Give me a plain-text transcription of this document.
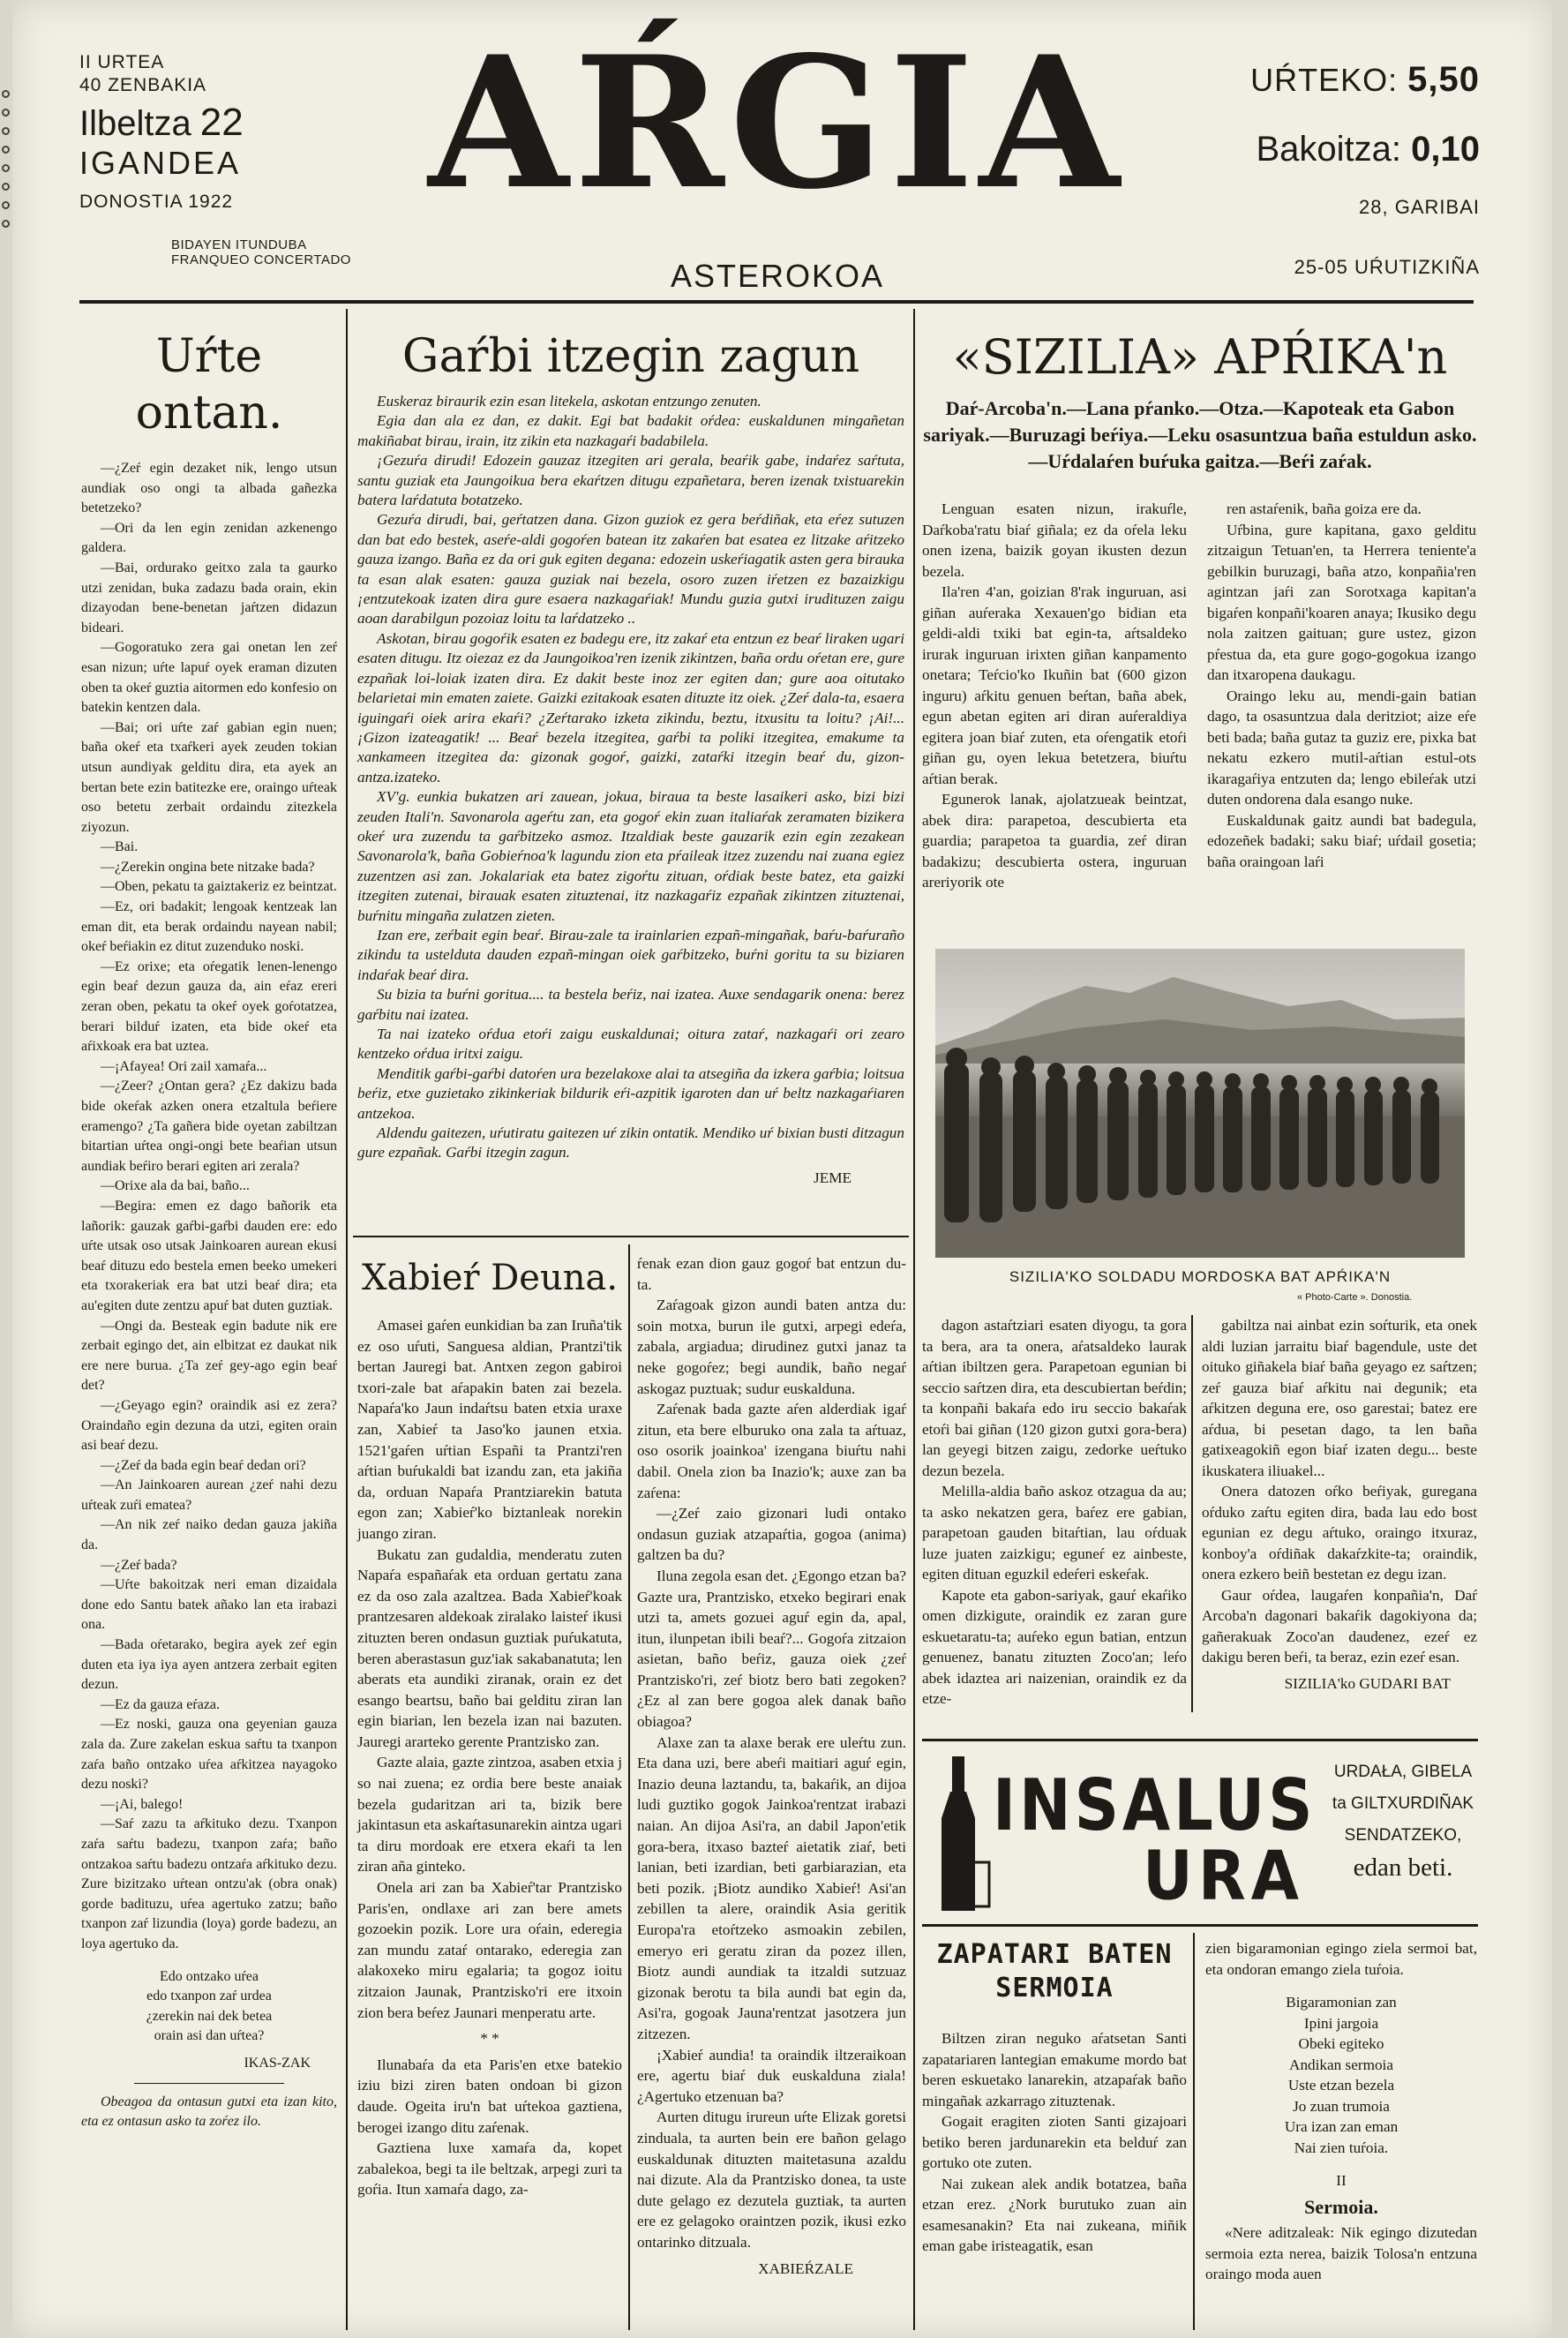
II URTEA
40 ZENBAKIA
Ilbeltza 22
IGANDEA
DONOSTIA 1922
BIDAYEN ITUNDUBA
FRANQUEO CONCERTADO
AŔGIA
ASTEROKOA
UŔTEKO: 5,50
Bakoitza: 0,10
28, GARIBAI
25-05 UŔUTIZKIÑA
Uŕte ontan.

—¿Zeŕ egin dezaket nik, lengo utsun aundiak oso ongi ta albada gañezka betetzeko?

—Ori da len egin zenidan azkenengo galdera.

—Bai, ordurako geitxo zala ta gaurko utzi zenidan, buka zadazu bada orain, ekin dizayodan bene-benetan jaŕtzen didazun bideari.

—Gogoratuko zera gai onetan len zeŕ esan nizun; uŕte lapuŕ oyek eraman dizuten oben ta okeŕ guztia aitormen edo konfesio on batekin kentzen dala.

—Bai; ori uŕte zaŕ gabian egin nuen; baña okeŕ eta txaŕkeri ayek zeuden tokian utsun aundiyak gelditu dira, eta ayek an bertan bete ezin batitezke ere, oraingo uŕteak oso betetu zerbait ordaindu zitezkela ziyozun.

—Bai.

—¿Zerekin ongina bete nitzake bada?

—Oben, pekatu ta gaiztakeriz ez beintzat.

—Ez, ori badakit; lengoak kentzeak lan eman dit, eta berak ordaindu nayean nabil; okeŕ beŕiakin ez ditut zuzenduko noski.

—Ez orixe; eta oŕegatik lenen-lenengo egin beaŕ dezun gauza da, ain eŕaz ereri zeran oben, pekatu ta okeŕ oyek goŕotatzea, berari bilduŕ izaten, eta bide okeŕ eta aŕixkoak era bat uztea.

—¡Afayea! Ori zail xamaŕa...

—¿Zeer? ¿Ontan gera? ¿Ez dakizu bada bide okeŕak azken onera etzaltula beŕiere eramengo? ¿Ta gañera bide oyetan zabiltzan bitartian uŕtea ongi-ongi bete beaŕian utsun aundiak beŕiro berari egiten ari zerala?

—Orixe ala da bai, baño...

—Begira: emen ez dago bañorik eta lañorik: gauzak gaŕbi-gaŕbi dauden ere: edo uŕte utsak oso utsak Jainkoaren aurean ekusi beaŕ dituzu edo bestela emen beeko umekeri eta txorakeriak era bat utzi beaŕ dira; eta au'egiten dute zentzu apuŕ bat duten guztiak.

—Ongi da. Besteak egin badute nik ere zerbait egingo det, ain elbitzat ez daukat nik ere nere burua. ¿Ta zeŕ gey-ago egin beaŕ det?

—¿Geyago egin? oraindik asi ez zera? Oraindaño egin dezuna da utzi, egiten orain asi beaŕ dezu.

—¿Zeŕ da bada egin beaŕ dedan ori?

—An Jainkoaren aurean ¿zeŕ nahi dezu uŕteak zuŕi ematea?

—An nik zeŕ naiko dedan gauza jakiña da.

—¿Zeŕ bada?

—Uŕte bakoitzak neri eman dizaidala done edo Santu batek añako lan eta irabazi ona.

—Bada oŕetarako, begira ayek zeŕ egin duten eta iya iya ayen antzera zerbait egiten dezun.

—Ez da gauza eŕaza.

—Ez noski, gauza ona geyenian gauza zala da. Zure zakelan eskua saŕtu ta txanpon zaŕa baño ontzako uŕea aŕkitzea nayagoko dezu noski?

—¡Ai, balego!

—Saŕ zazu ta aŕkituko dezu. Txanpon zaŕa saŕtu badezu, txanpon zaŕa; baño ontzakoa saŕtu badezu ontzaŕa aŕkituko dezu. Zure bizitzako uŕtean ontzu'ak (obra onak) gorde badituzu, uŕea agertuko zatzu; baño txanpon zaŕ lizundia (loya) gorde badezu, an loya agertuko da.

Edo ontzako uŕea
edo txanpon zaŕ urdea
¿zerekin nai dek betea
orain asi dan uŕtea?
IKAS-ZAK

Obeagoa da ontasun gutxi eta izan kito, eta ez ontasun asko ta zoŕez ilo.

Gaŕbi itzegin zagun

Euskeraz biraurik ezin esan litekela, askotan entzungo zenuten.

Egia dan ala ez dan, ez dakit. Egi bat badakit oŕdea: euskaldunen mingañetan makiñabat birau, irain, itz zikin eta nazkagaŕi badabilela.

¡Gezuŕa dirudi! Edozein gauzaz itzegiten ari gerala, beaŕik gabe, indaŕez saŕtuta, santu guziak eta Jaungoikua bera ekaŕtzen ditugu ezpañetara, beren izenak txistuarekin batera laŕdatuta botatzeko.

Gezuŕa dirudi, bai, geŕtatzen dana. Gizon guziok ez gera beŕdiñak, eta eŕez sutuzen dan bat edo bestek, aseŕe-aldi gogoŕen batean itz zakaŕen bat esatea ez litzake aŕitzeko gauza izango. Baña ez da ori guk egiten degana: edozein uskeŕiagatik asten gera birauka ta esan alak esaten: gauza guziak nai bezela, osoro zuzen iŕetzen ez bazaizkigu ¡entzutekoak izaten dira gure esaera nazkagaŕiak! Mundu guzia gutxi irudituzen zaigu aoan darabilgun pozoiaz loitu ta laŕdatzeko ..

Askotan, birau gogoŕik esaten ez badegu ere, itz zakaŕ eta entzun ez beaŕ liraken ugari esaten ditugu. Itz oiezaz ez da Jaungoikoa'ren izenik zikintzen, baña ordu oŕetan ere, gure ezpañak loi-loiak izaten dira. Ez dakit beste inoz zer egiten dan; gure aoa oitutako belarietai min ematen zaiete. Gaizki ezitakoak esaten dituzte itz oiek. ¿Zeŕ dala-ta, esaera iguingaŕi oiek arira ekaŕi? ¿Zeŕtarako izketa zikindu, beztu, itxusitu ta loitu? ¡Ai!... ¡Gizon izateagatik! ... Beaŕ bezela itzegitea, gaŕbi ta poliki itzegitea, emakume ta xankameen itzegitea da: gizonak gogoŕ, gaizki, zataŕki itzegin beaŕ du, gizon-antza.izateko.

XV'g. eunkia bukatzen ari zauean, jokua, birauа ta beste lasaikeri asko, bizi bizi zeuden Itali'n. Savonarola ageŕtu zan, eta gogoŕ ekin zuan italiaŕak zeramaten bizikera okeŕ ura zuzendu ta gaŕbitzeko asmoz. Itzaldiak beste gauzarik ezin egin zezakean Savonarola'k, baña Gobieŕnoa'k lagundu zion eta pŕaileak itzez zuzendu nai zuana egiez zuzentzen asi zan. Jokalariak eta batez zigoŕtu zituan, oŕdiak beste batez, eta gaizki itzegiten zutenai, birauak esaten zituztenai, itz nazkagaŕiz ezpañak zikintzen zituztenai, buŕnitu mingaña zulatzen zieten.

Izan ere, zeŕbait egin beaŕ. Birau-zale ta irainlarien ezpañ-mingañak, baŕu-baŕuraño zikindu ta usteldutа dauden ezpañ-mingan oiek gaŕbitzeko, buŕni goritu ta su biziaren indaŕak beaŕ dira.

Su bizia ta buŕni goritua.... ta bestela beŕiz, nai izatea. Auxe sendagarik onena: berez gaŕbitu nai izatea.

Ta nai izateko oŕdua etoŕi zaigu euskaldunai; oitura zataŕ, nazkagaŕi ori zearo kentzeko oŕdua iritxi zaigu.

Menditik gaŕbi-gaŕbi datoŕen ura bezelakoxe alai ta atsegiña da izkera gaŕbia; loitsua beŕiz, etxe guzietako zikinkeriak bildurik eŕi-azpitik igaroten dan uŕ beltz nazkagaŕiaren antzekoa.

Aldendu gaitezen, uŕutiratu gaitezen uŕ zikin ontatik. Mendiko uŕ bixian busti ditzagun gure ezpañak. Gaŕbi itzegin zagun.

JEME
«SIZILIA» APŔIKA'n
Daŕ-Arcoba'n.—Lana pŕanko.—Otza.—Kapoteak eta Gabon sariyak.—Buruzagi beŕiya.—Leku osasuntzua baña estuldun asko.—Uŕdalaŕen buŕuka gaitza.—Beŕi zaŕak.

Lenguan esaten nizun, irakuŕle, Daŕkoba'ratu biaŕ giñala; ez da oŕela leku onen izena, baizik goyan ikusten dezun bezela.

Ila'ren 4'an, goizian 8'rak inguruan, asi giñan auŕeraka Xexauen'go bidian eta geldi-aldi txiki bat egin-ta, aŕtsaldeko irurak inguruan irixten giñan kanpamento onetara; Teŕcio'ko Ikuñin bat (600 gizon inguru) aŕkitu genuen beŕtan, baña abek, egun abetan egiten ari diran auŕeraldiya egitera joan biaŕ zuten, eta oŕengatik etoŕi giñan gu, oyen lekua betetzera, biuŕtu aŕtian berak.

Egunerok lanak, ajolatzueak beintzat, abek dira: parapetoa, descubierta eta guardia; parapetoa ta guardia, zeŕ diran badakizu; descubierta ostera, inguruan areriyorik ote

ren astaŕenik, baña goiza ere da.

Uŕbina, gure kapitana, gaxo gelditu zitzaigun Tetuan'en, ta Herrera teniente'a gebilkin buruzagi, baña atzo, konpañia'ren agintzan jaŕi zan Sorotxaga kapitan'a bigaŕen konpañi'koaren anaya; Ikusiko degu nola zaitzen gaituan; gure ustez, gizon pŕestua da, eta gure gogo-gogokua izango dan itxaropena daukagu.

Oraingo leku au, mendi-gain batian dago, ta osasuntzua dala deritziot; aize eŕe beti bada; baña gutaz ta guziz ere, pixka bat nekatu ezkero mutil-aŕtian estul-ots ikaragaŕiya entzuten da; lengo ebileŕak utzi duten ondorena dala esango nuke.

Euskaldunak gaitz aundi bat badegula, edozeñek badaki; saku biaŕ; uŕdail gosetia; baña oraingoan laŕi

SIZILIA'KO SOLDADU MORDOSKA BAT APŔIKA'N
« Photo-Carte ». Donostia.

dagon astaŕtziari esaten diyogu, ta gora ta bera, ara ta onera, aŕatsaldeko laurak aŕtian ibiltzen gera. Parapetoan egunian bi seccio saŕtzen dira, eta descubiertan beŕdin; ta konpañi bakaŕa edo iru seccio bakaŕak etoŕi bai giñan (120 gizon gutxi gora-bera) lan geyegi bitzen zaigu, zedorke ueŕtuko dezun bezela.

Melilla-aldia baño askoz otzagua da au; ta asko nekatzen gera, baŕez ere gabian, parapetoan gauden bitaŕtian, lau oŕduak luze juaten zaizkigu; eguneŕ ez ainbeste, egiten dituan eguzkil edeŕeri eskeŕak.

Kapote eta gabon-sariyak, gauŕ ekaŕiko omen dizkigute, oraindik ez zaran gure eskuetaratu-ta; auŕeko egun batian, entzun genuenez, banatu zituzten Zoco'an; leŕo abek idaztea ari naizenian, oraindik ez da etze-

gabiltza nai ainbat ezin soŕturik, eta onek aldi luzian jarraitu biaŕ bagendule, uste det oituko giñakela biaŕ baña geyago ez saŕtzen; zeŕ gauza biaŕ aŕkitu nai degunik; eta aŕkitzen deguna ere, oso garestai; batez ere aŕdua, bi pesetan dago, ta len baña gatixeagokiñ egon biaŕ izaten degu... beste ikuskatera iliuakel...

Onera datozen oŕko beŕiyak, guregana oŕduko zaŕtu egiten dira, bada lau edo bost egunian ez degu aŕtuko, oraingo itxuraz, konboy'a oŕdiñak dakaŕzkite-ta; oraindik, onera ezkero beiñ bestetan ez degu izan.

Gaur oŕdea, laugaŕen konpañia'n, Daŕ Arcoba'n dagonari bakaŕik dagokiyona da; gañerakuak Zoco'an daudenez, ezeŕ ez dakigu beren beŕi, ta beraz, ezin ezeŕ esan.

SIZILIA'ko GUDARI BAT
INSALUS
URA
URDAŁA, GIBELA
ta GILTXURDIÑAK
SENDATZEKO,
edan beti.
ZAPATARI BATEN SERMOIA

Biltzen ziran neguko aŕatsetan Santi zapatariaren lantegian emakume mordo bat beren eskuetako lanarekin, atzapaŕak baño mingañak azkarrago zituztenak.

Gogait eragiten zioten Santi gizajoari betiko beren jardunarekin eta belduŕ zan gortuko ote zuten.

Nai zukean alek andik botatzea, baña etzan erez. ¿Nork burutuko zuan ain esamesanakin? Eta nai zukeana, miñik eman gabe iristeagatik, esan

zien bigaramonian egingo ziela sermoi bat, eta ondoran emango ziela tuŕoia.

Bigaramonian zan
Ipini jargoia
Obeki egiteko
Andikan sermoia
Uste etzan bezela
Jo zuan trumoia
Ura izan zan eman
Nai zien tuŕoia.
II
Sermoia.

«Nere aditzaleak: Nik egingo dizutedan sermoia ezta nerea, baizik Tolosa'n entzuna oraingo moda auen

Xabieŕ Deuna.

Amasei gaŕen eunkidian ba zan Iruña'tik ez oso uŕuti, Sanguesa aldian, Prantzi'tik bertan Jauregi bat. Antxen zegon gabiroi txori-zale bat aŕapakin baten zai bezela. Napaŕa'ko Jaun indaŕtsu baten etxia uraxe zan, Xabieŕ ta Jaso'ko jaunen etxia. 1521'gaŕen uŕtian Españi ta Prantzi'ren aŕtian buŕukaldi bat izandu zan, eta jakiña da, orduan Napaŕa Prantziarekin batuta egon zan; Xabieŕ'ko biztanleak norekin juango ziran.

Bukatu zan gudaldia, menderatu zuten Napaŕa españaŕak eta orduan gertatu zana ez da oso zala azaltzea. Bada Xabieŕ'koak prantzesaren aldekoak ziralako laisteŕ ikusi zituzten beren ondasun guztiak puŕukatuta, beren aberastasun guz'iak sakabanatuta; len aberats eta aundiki ziranak, orain ez det esango beartsu, baño bai gelditu ziran lan egin biarian, len bezela izan nai bazuten. Jauregi ararteko gerente Prantzisko zan.

Gazte alaia, gazte zintzoa, asaben etxia j so nai zuena; ez ordia bere beste anaiak bezela gudaritzan ari ta, bizik bere jakintasun eta askaŕtasunarekin aintza ugari ta diru mordoak ere etxera ekaŕi ta len ziran aña ginteko.

Onela ari zan ba Xabieŕ'tar Prantzisko Paris'en, ondlaxe ari zan bere amets gozoekin pozik. Lore ura oŕain, ederegia zan mundu zataŕ ontarako, ederegia zan alakoxeko miru egalaria; ta gogoz ioitu zitzaion Jaunak, Prantzisko'ri ere itxoin zion bera beŕez Jaunari menperatu arte.

* *

Ilunabaŕa da eta Paris'en etxe batekio iziu bizi ziren baten ondoan bi gizon daude. Ogeita iru'n bat uŕtekoa gaztiena, berogei izango ditu zaŕenak.

Gaztiena luxe xamaŕa da, kopet zabalekoa, begi ta ile beltzak, arpegi zuri ta goŕia. Itun xamaŕa dago, za-

ŕenak ezan dion gauz gogoŕ bat entzun du-ta.

Zaŕagoak gizon aundi baten antza du: soin motxa, burun ile gutxi, arpegi edeŕa, zabala, argiadua; dirudinez gutxi janaz ta neke gogoŕez; begi aundik, baño negaŕ askogaz puztuak; sudur euskalduna.

Zaŕenak bada gazte aŕen alderdiak igaŕ zitun, eta bere elburuko ona zala ta aŕtuaz, oso osorik joainkoa' izengana biuŕtu nahi dabil. Onela zion ba Inazio'k; auxe zan ba zaŕena:

—¿Zeŕ zaio gizonari ludi ontako ondasun guziak atzapaŕtia, gogoa (anima) galtzen ba du?

Iluna zegola esan det. ¿Egongo etzan ba? Gazte ura, Prantzisko, etxeko begirari enak utzi ta, amets gozuei aguŕ egin da, apal, itun, ilunpetan ibili beaŕ?... Gogoŕa zitzaion asietan, baño beŕiz, gauza oiek ¿zeŕ Prantzisko'ri, zeŕ biotz bero bati zegoken? ¿Ez al zan bere gogoa alek danak baño obiagoa?

Alaxe zan ta alaxe berak ere uleŕtu zun. Eta dana uzi, bere abeŕi maitiari aguŕ egin, Inazio deuna laztandu, ta, bakaŕik, an dijoa ludi guztiko gogok Jainkoa'rentzat irabazi naian. An dijoa Asi'ra, an dabil Japon'etik gora-bera, itxaso bazteŕ aietatik ziaŕ, beti lanian, beti izardian, beti garbiarazian, eta beti pozik. ¡Biotz aundiko Xabieŕ! Asi'an zebillen ta alere, oraindik Asia geritik Europa'ra etoŕtzeko asmoakin zebilen, emeryo eri geratu ziran da pozez illen, Biotz aundi aundiak ta itzaldi sutzuaz gizonak berotu ta bila aundi bat egin da, Asi'ra, gogoak Jauna'rentzat jasotzera jun zitzezen.

¡Xabieŕ aundia! ta oraindik iltzeraikoan ere, agertu biaŕ duk euskalduna ziala! ¿Agertuko etzenuan ba?

Aurten ditugu irureun uŕte Elizak goretsi zinduala, ta aurten bein ere bañon gelago euskaldunak dituzten maitetasuna azaldu nai dizute. Ala da Prantzisko donea, ta uste dute gelago ez dezutela guztiak, ta aurten ere ez gelagoko oraintzen pozik, ikusi ezko ontarinko ditzuala.

XABIEŔZALE
